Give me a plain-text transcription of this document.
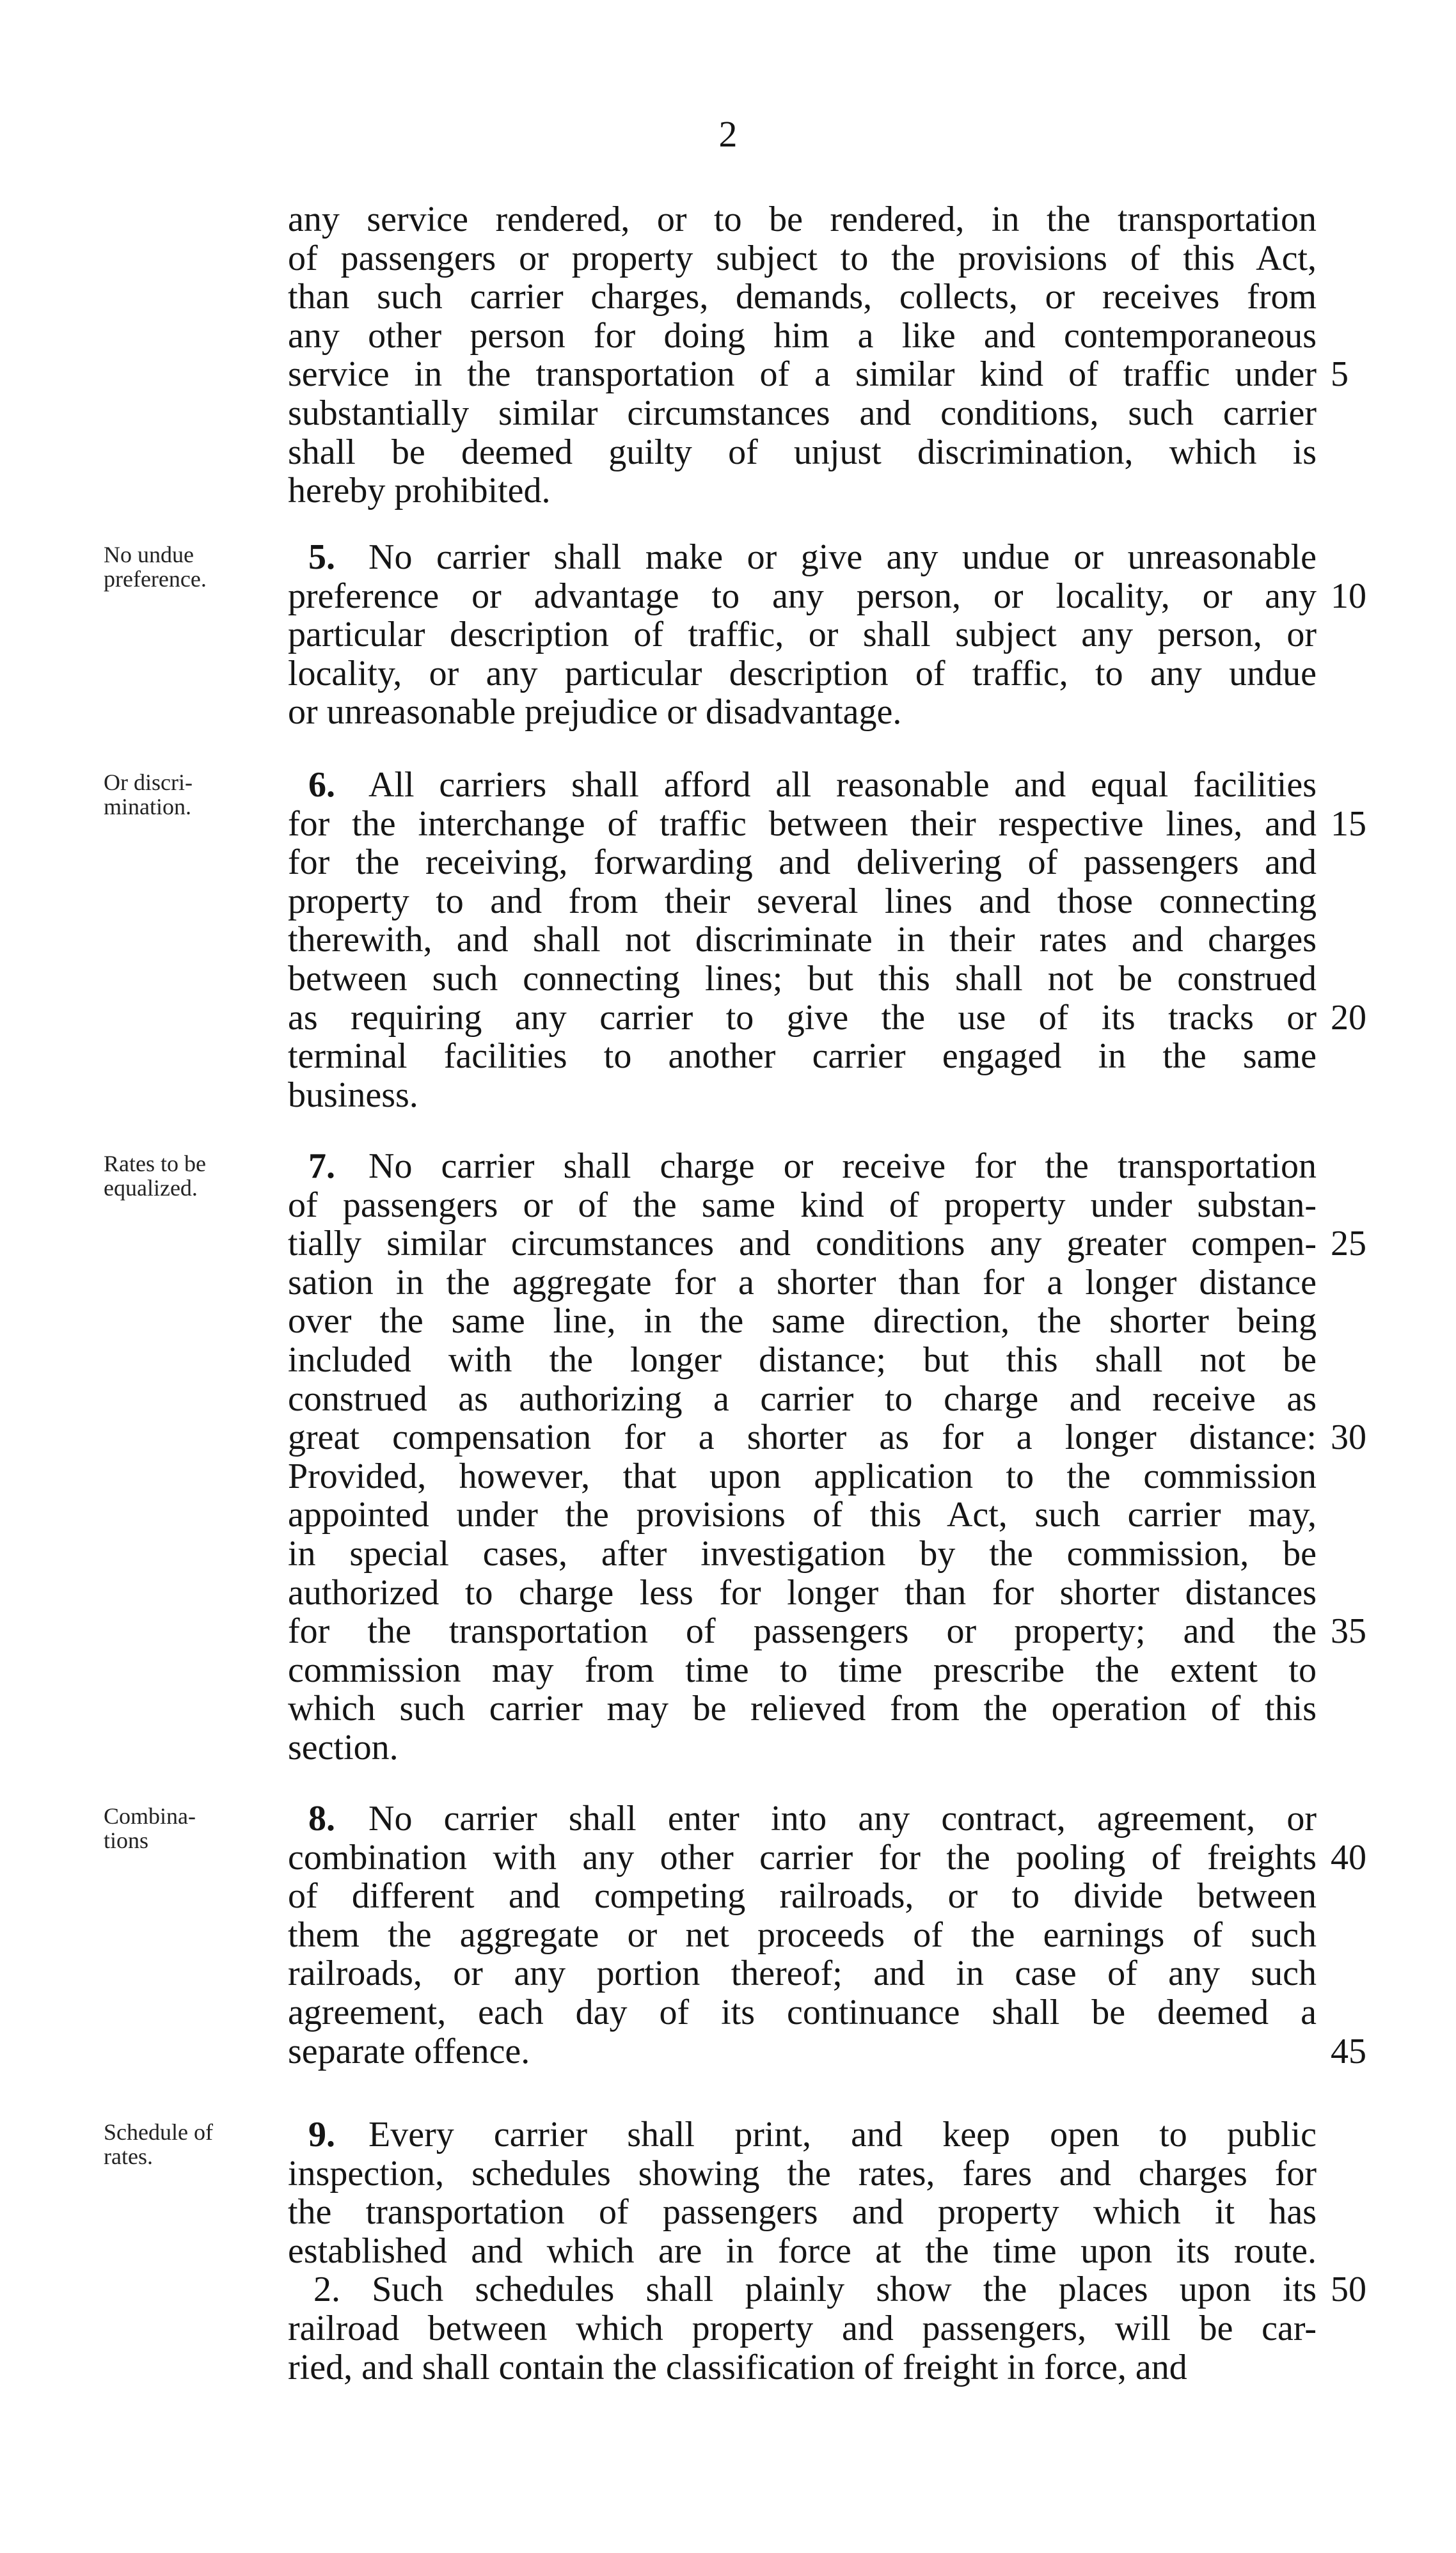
2
any service rendered, or to be rendered, in the transportation
of passengers or property subject to the provisions of this Act,
than such carrier charges, demands, collects, or receives from
any other person for doing him a like and contemporaneous
service in the transportation of a similar kind of traffic under 5
substantially similar circumstances and conditions, such carrier
shall be deemed guilty of unjust discrimination, which is
hereby prohibited.
No undue
preference.
5. No carrier shall make or give any undue or unreasonable
preference or advantage to any person, or locality, or any 10
particular description of traffic, or shall subject any person, or
locality, or any particular description of traffic, to any undue
or unreasonable prejudice or disadvantage.
Or discri-
mination.
6. All carriers shall afford all reasonable and equal facilities
for the interchange of traffic between their respective lines, and 15
for the receiving, forwarding and delivering of passengers and
property to and from their several lines and those connecting
therewith, and shall not discriminate in their rates and charges
between such connecting lines; but this shall not be construed
as requiring any carrier to give the use of its tracks or 20
terminal facilities to another carrier engaged in the same
business.
Rates to be
equalized.
7. No carrier shall charge or receive for the transportation
of passengers or of the same kind of property under substan-
tially similar circumstances and conditions any greater compen- 25
sation in the aggregate for a shorter than for a longer distance
over the same line, in the same direction, the shorter being
included with the longer distance; but this shall not be
construed as authorizing a carrier to charge and receive as
great compensation for a shorter as for a longer distance: 30
Provided, however, that upon application to the commission
appointed under the provisions of this Act, such carrier may,
in special cases, after investigation by the commission, be
authorized to charge less for longer than for shorter distances
for the transportation of passengers or property; and the 35
commission may from time to time prescribe the extent to
which such carrier may be relieved from the operation of this
section.
Combina-
tions
8. No carrier shall enter into any contract, agreement, or
combination with any other carrier for the pooling of freights 40
of different and competing railroads, or to divide between
them the aggregate or net proceeds of the earnings of such
railroads, or any portion thereof; and in case of any such
agreement, each day of its continuance shall be deemed a
separate offence.	45
Schedule of
rates.
9. Every carrier shall print, and keep open to public
inspection, schedules showing the rates, fares and charges for
the transportation of passengers and property which it has
established and which are in force at the time upon its route.
2. Such schedules shall plainly show the places upon its 50
railroad between which property and passengers, will be car-
ried, and shall contain the classification of freight in force, and
